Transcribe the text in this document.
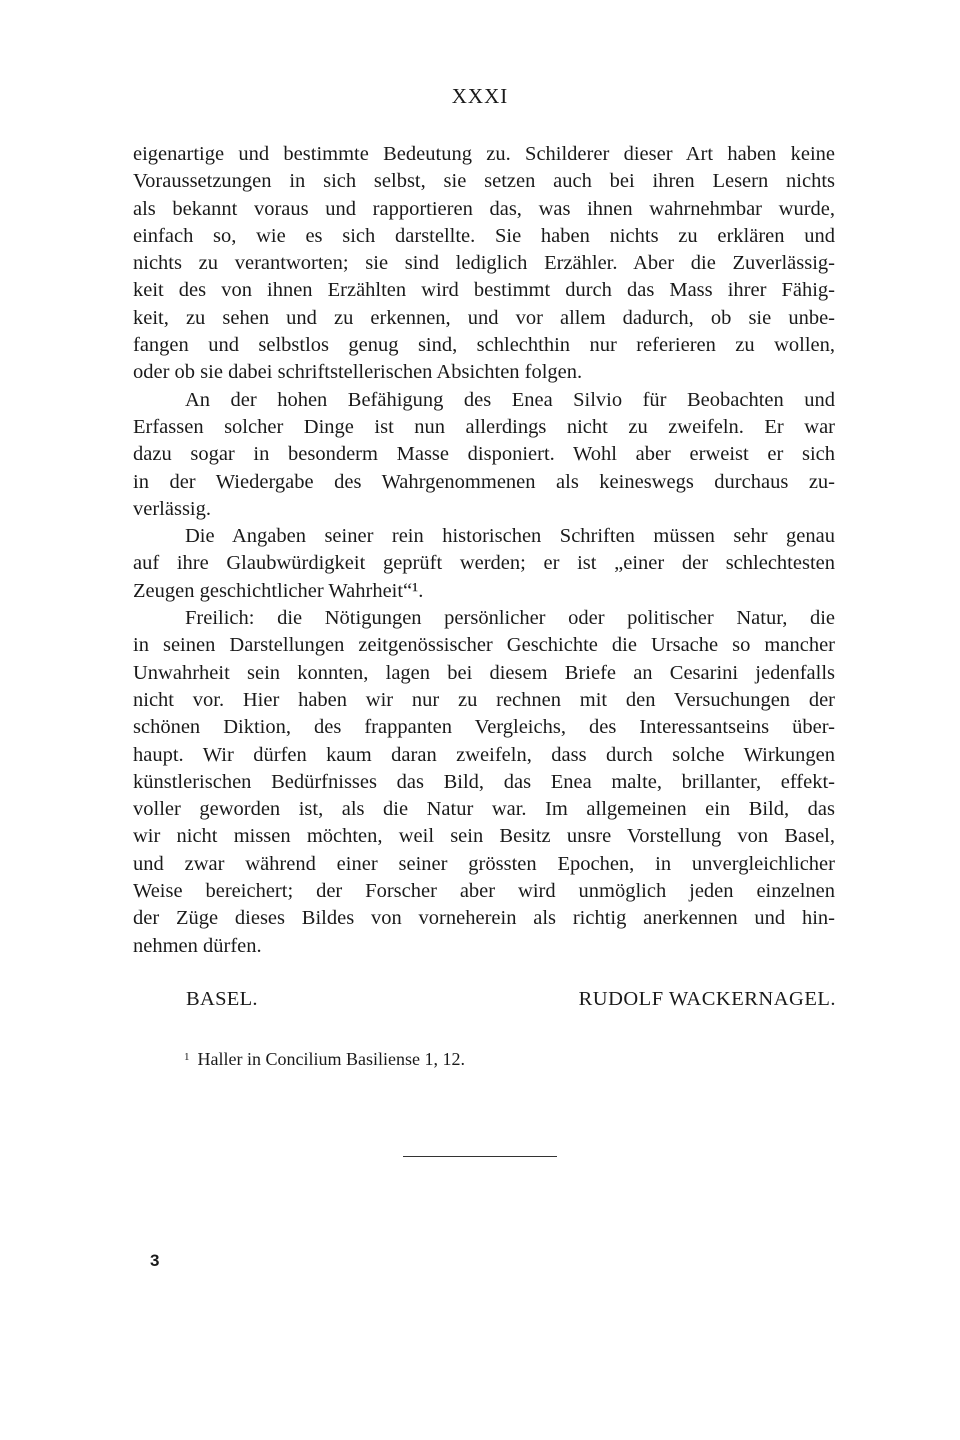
XXXI
eigenartige und bestimmte Bedeutung zu. Schilderer dieser Art haben keine
Voraussetzungen in sich selbst, sie setzen auch bei ihren Lesern nichts
als bekannt voraus und rapportieren das, was ihnen wahrnehmbar wurde,
einfach so, wie es sich darstellte. Sie haben nichts zu erklären und
nichts zu verantworten; sie sind lediglich Erzähler. Aber die Zuverlässig-
keit des von ihnen Erzählten wird bestimmt durch das Mass ihrer Fähig-
keit, zu sehen und zu erkennen, und vor allem dadurch, ob sie unbe-
fangen und selbstlos genug sind, schlechthin nur referieren zu wollen,
oder ob sie dabei schriftstellerischen Absichten folgen.
An der hohen Befähigung des Enea Silvio für Beobachten und
Erfassen solcher Dinge ist nun allerdings nicht zu zweifeln. Er war
dazu sogar in besonderm Masse disponiert. Wohl aber erweist er sich
in der Wiedergabe des Wahrgenommenen als keineswegs durchaus zu-
verlässig.
Die Angaben seiner rein historischen Schriften müssen sehr genau
auf ihre Glaubwürdigkeit geprüft werden; er ist „einer der schlechtesten
Zeugen geschichtlicher Wahrheit“¹.
Freilich: die Nötigungen persönlicher oder politischer Natur, die
in seinen Darstellungen zeitgenössischer Geschichte die Ursache so mancher
Unwahrheit sein konnten, lagen bei diesem Briefe an Cesarini jedenfalls
nicht vor. Hier haben wir nur zu rechnen mit den Versuchungen der
schönen Diktion, des frappanten Vergleichs, des Interessantseins über-
haupt. Wir dürfen kaum daran zweifeln, dass durch solche Wirkungen
künstlerischen Bedürfnisses das Bild, das Enea malte, brillanter, effekt-
voller geworden ist, als die Natur war. Im allgemeinen ein Bild, das
wir nicht missen möchten, weil sein Besitz unsre Vorstellung von Basel,
und zwar während einer seiner grössten Epochen, in unvergleichlicher
Weise bereichert; der Forscher aber wird unmöglich jeden einzelnen
der Züge dieses Bildes von vorneherein als richtig anerkennen und hin-
nehmen dürfen.
BASEL.	RUDOLF WACKERNAGEL.
$^1$ Haller in Concilium Basiliense 1, 12.
3
